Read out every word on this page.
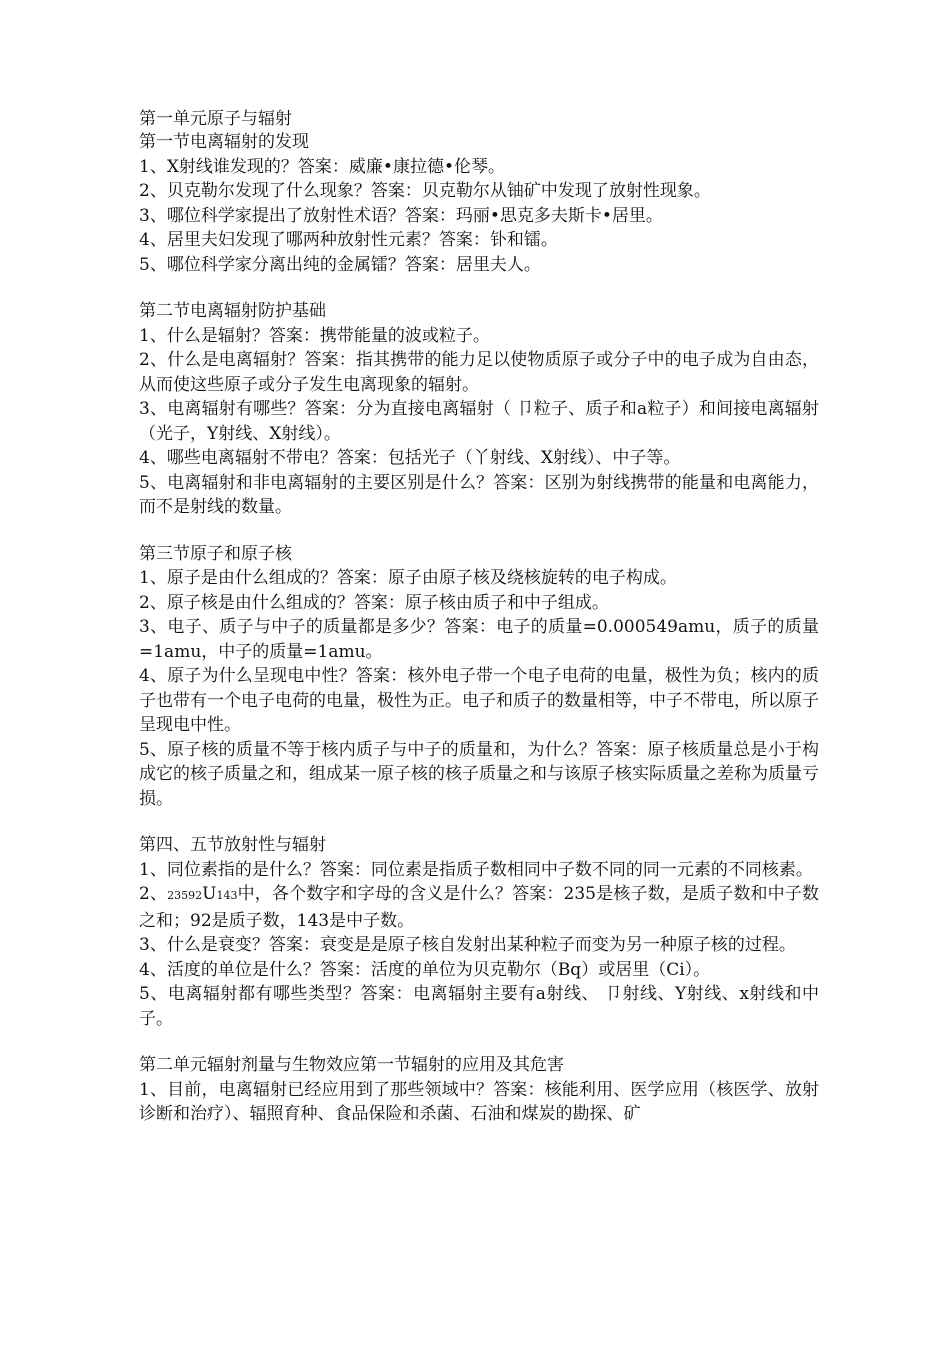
第一单元原子与辐射

第一节电离辐射的发现

1、X射线谁发现的？答案：威廉•康拉德•伦琴。

2、贝克勒尔发现了什么现象？答案：贝克勒尔从铀矿中发现了放射性现象。

3、哪位科学家提出了放射性术语？答案：玛丽•思克多夫斯卡•居里。

4、居里夫妇发现了哪两种放射性元素？答案：钋和镭。

5、哪位科学家分离出纯的金属镭？答案：居里夫人。

第二节电离辐射防护基础

1、什么是辐射？答案：携带能量的波或粒子。

2、什么是电离辐射？答案：指其携带的能力足以使物质原子或分子中的电子成为自由态，从而使这些原子或分子发生电离现象的辐射。

3、电离辐射有哪些？答案：分为直接电离辐射（ 卩粒子、质子和a粒子）和间接电离辐射（光子，Y射线、X射线）。

4、哪些电离辐射不带电？答案：包括光子（丫射线、X射线）、中子等。

5、电离辐射和非电离辐射的主要区别是什么？答案：区别为射线携带的能量和电离能力，而不是射线的数量。

第三节原子和原子核

1、原子是由什么组成的？答案：原子由原子核及绕核旋转的电子构成。

2、原子核是由什么组成的？答案：原子核由质子和中子组成。

3、电子、质子与中子的质量都是多少？答案：电子的质量=0.000549amu，质子的质量=1amu，中子的质量=1amu。

4、原子为什么呈现电中性？答案：核外电子带一个电子电荷的电量，极性为负；核内的质子也带有一个电子电荷的电量，极性为正。电子和质子的数量相等，中子不带电，所以原子呈现电中性。

5、原子核的质量不等于核内质子与中子的质量和，为什么？答案：原子核质量总是小于构成它的核子质量之和，组成某一原子核的核子质量之和与该原子核实际质量之差称为质量亏损。

第四、五节放射性与辐射

1、同位素指的是什么？答案：同位素是指质子数相同中子数不同的同一元素的不同核素。

2、23592U143中，各个数字和字母的含义是什么？答案：235是核子数，是质子数和中子数之和；92是质子数，143是中子数。

3、什么是衰变？答案：衰变是是原子核自发射出某种粒子而变为另一种原子核的过程。

4、活度的单位是什么？答案：活度的单位为贝克勒尔（Bq）或居里（Ci）。

5、电离辐射都有哪些类型？答案：电离辐射主要有a射线、 卩射线、Y射线、x射线和中子。

第二单元辐射剂量与生物效应第一节辐射的应用及其危害

1、目前，电离辐射已经应用到了那些领域中？答案：核能利用、医学应用（核医学、放射诊断和治疗）、辐照育种、食品保险和杀菌、石油和煤炭的勘探、矿
